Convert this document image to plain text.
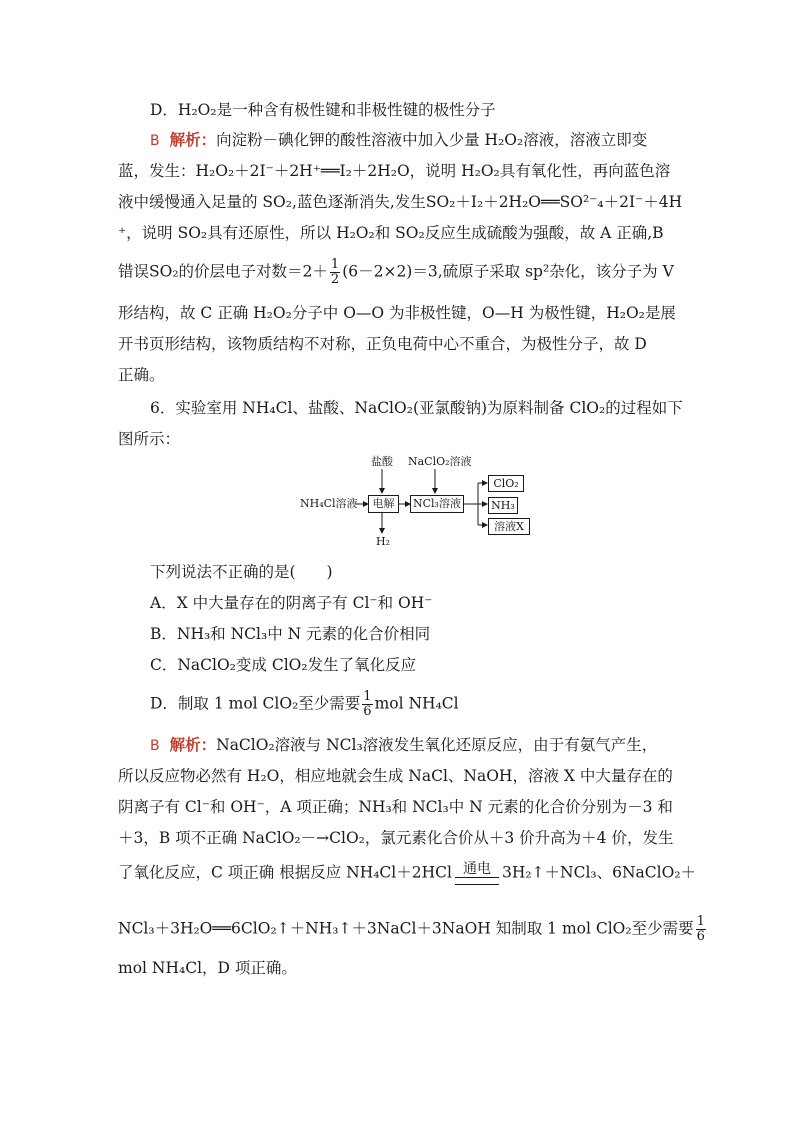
D．H₂O₂是一种含有极性键和非极性键的极性分子
B 解析：向淀粉－碘化钾的酸性溶液中加入少量 H₂O₂溶液，溶液立即变
蓝，发生：H₂O₂＋2I⁻＋2H⁺══I₂＋2H₂O，说明 H₂O₂具有氧化性，再向蓝色溶
液中缓慢通入足量的 SO₂,蓝色逐渐消失,发生SO₂＋I₂＋2H₂O══SO²⁻₄＋2I⁻＋4H
⁺，说明 SO₂具有还原性，所以 H₂O₂和 SO₂反应生成硫酸为强酸，故 A 正确,B
错误SO₂的价层电子对数$=2+ \frac{1}{2} (6-2\times 2)=3$,硫原子采取 sp²杂化，该分子为 V
形结构，故 C 正确 H₂O₂分子中 O—O 为非极性键，O—H 为极性键，H₂O₂是展
开书页形结构，该物质结构不对称，正负电荷中心不重合，为极性分子，故 D
正确。
6．实验室用 NH₄Cl、盐酸、NaClO₂(亚氯酸钠)为原料制备 ClO₂的过程如下
图所示：
盐酸 NaClO₂溶液
NH₄Cl溶液	电解	NCl₃溶液
H₂
ClO₂
NH₃
溶液X
下列说法不正确的是(　　)
A．X 中大量存在的阴离子有 Cl⁻和 OH⁻
B．NH₃和 NCl₃中 N 元素的化合价相同
C．NaClO₂变成 ClO₂发生了氧化反应
D．制取 1 mol ClO₂至少需要 $\frac{1}{6}$ mol NH₄Cl
B 解析：NaClO₂溶液与 NCl₃溶液发生氧化还原反应，由于有氨气产生，
所以反应物必然有 H₂O，相应地就会生成 NaCl、NaOH，溶液 X 中大量存在的
阴离子有 Cl⁻和 OH⁻，A 项正确；NH₃和 NCl₃中 N 元素的化合价分别为－3 和
＋3，B 项不正确 NaClO₂－→ClO₂，氯元素化合价从＋3 价升高为＋4 价，发生
了氧化反应，C 项正确 根据反应 NH₄Cl＋2HCl 通电 3H₂↑＋NCl₃、6NaClO₂＋
NCl₃＋3H₂O══6ClO₂↑＋NH₃↑＋3NaCl＋3NaOH 知制取 1 mol ClO₂至少需要 $\frac{1}{6}$
mol NH₄Cl，D 项正确。
